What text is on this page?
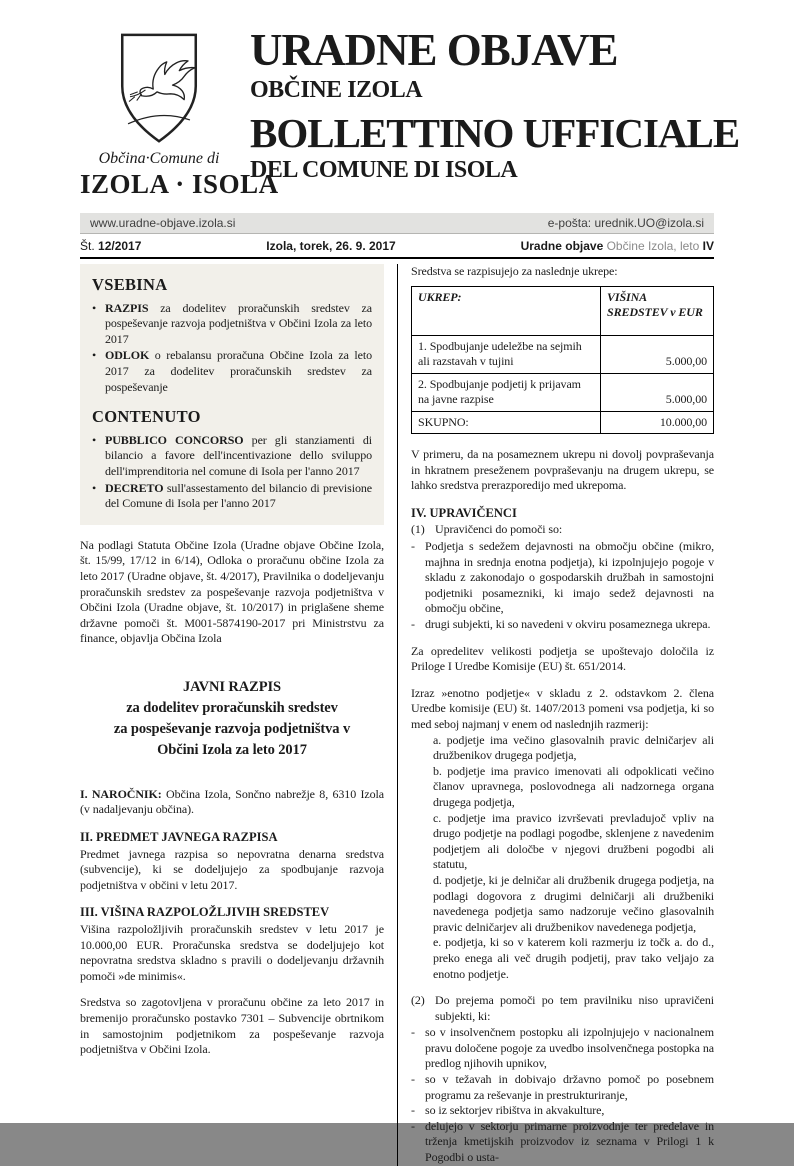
Občina·Comune di
IZOLA · ISOLA
URADNE OBJAVE
OBČINE IZOLA
BOLLETTINO UFFICIALE
DEL COMUNE DI ISOLA
www.uradne-objave.izola.si	e-pošta: urednik.UO@izola.si
Št. 12/2017	Izola, torek, 26. 9. 2017	Uradne objave Občine Izola, leto IV
VSEBINA
• RAZPIS za dodelitev proračunskih sredstev za pospeševanje razvoja podjetništva v Občini Izola za leto 2017
• ODLOK o rebalansu proračuna Občine Izola za leto 2017 za dodelitev proračunskih sredstev za pospeševanje
CONTENUTO
• PUBBLICO CONCORSO per gli stanziamenti di bilancio a favore dell'incentivazione dello sviluppo dell'imprenditoria nel comune di Isola per l'anno 2017
• DECRETO sull'assestamento del bilancio di previsione del Comune di Isola per l'anno 2017

Na podlagi Statuta Občine Izola (Uradne objave Občine Izola, št. 15/99, 17/12 in 6/14), Odloka o proračunu občine Izola za leto 2017 (Uradne objave, št. 4/2017), Pravilnika o dodeljevanju proračunskih sredstev za pospeševanje razvoja podjetništva v Občini Izola (Uradne objave, št. 10/2017) in priglašene sheme državne pomoči št. M001-5874190-2017 pri Ministrstvu za finance, objavlja Občina Izola

JAVNI RAZPIS
za dodelitev proračunskih sredstev
za pospeševanje razvoja podjetništva v
Občini Izola za leto 2017

I. NAROČNIK: Občina Izola, Sončno nabrežje 8, 6310 Izola (v nadaljevanju občina).

II. PREDMET JAVNEGA RAZPISA

Predmet javnega razpisa so nepovratna denarna sredstva (subvencije), ki se dodeljujejo za spodbujanje razvoja podjetništva v občini v letu 2017.

III. VIŠINA RAZPOLOŽLJIVIH SREDSTEV

Višina razpoložljivih proračunskih sredstev v letu 2017 je 10.000,00 EUR. Proračunska sredstva se dodeljujejo kot nepovratna sredstva skladno s pravili o dodeljevanju državnih pomoči »de minimis«.

Sredstva so zagotovljena v proračunu občine za leto 2017 in bremenijo proračunsko postavko 7301 – Subvencije obrtnikom in samostojnim podjetnikom za pospeševanje razvoja podjetništva v Občini Izola.

Sredstva se razpisujejo za naslednje ukrepe:

UKREP:	VIŠINA SREDSTEV v EUR
1. Spodbujanje udeležbe na sejmih ali razstavah v tujini	5.000,00
2. Spodbujanje podjetij k prijavam na javne razpise	5.000,00
SKUPNO:	10.000,00

V primeru, da na posameznem ukrepu ni dovolj povpraševanja in hkratnem preseženem povpraševanju na drugem ukrepu, se lahko sredstva prerazporedijo med ukrepoma.

IV. UPRAVIČENCI
(1) Upravičenci do pomoči so:
- Podjetja s sedežem dejavnosti na območju občine (mikro, majhna in srednja enotna podjetja), ki izpolnjujejo pogoje v skladu z zakonodajo o gospodarskih družbah in samostojni podjetniki posamezniki, ki imajo sedež dejavnosti na območju občine,
- drugi subjekti, ki so navedeni v okviru posameznega ukrepa.

Za opredelitev velikosti podjetja se upoštevajo določila iz Priloge I Uredbe Komisije (EU) št. 651/2014.

Izraz »enotno podjetje« v skladu z 2. odstavkom 2. člena Uredbe komisije (EU) št. 1407/2013 pomeni vsa podjetja, ki so med seboj najmanj v enem od naslednjih razmerij:

a. podjetje ima večino glasovalnih pravic delničarjev ali družbenikov drugega podjetja,
b. podjetje ima pravico imenovati ali odpoklicati večino članov upravnega, poslovodnega ali nadzornega organa drugega podjetja,
c. podjetje ima pravico izvrševati prevladujoč vpliv na drugo podjetje na podlagi pogodbe, sklenjene z navedenim podjetjem ali določbe v njegovi družbeni pogodbi ali statutu,
d. podjetje, ki je delničar ali družbenik drugega podjetja, na podlagi dogovora z drugimi delničarji ali družbeniki navedenega podjetja samo nadzoruje večino glasovalnih pravic delničarjev ali družbenikov navedenega podjetja,
e. podjetja, ki so v katerem koli razmerju iz točk a. do d., preko enega ali več drugih podjetij, prav tako veljajo za enotno podjetje.
(2) Do prejema pomoči po tem pravilniku niso upravičeni subjekti, ki:
- so v insolvenčnem postopku ali izpolnjujejo v nacionalnem pravu določene pogoje za uvedbo insolvenčnega postopka na predlog njihovih upnikov,
- so v težavah in dobivajo državno pomoč po posebnem programu za reševanje in prestrukturiranje,
- so iz sektorjev ribištva in akvakulture,
- delujejo v sektorju primarne proizvodnje ter predelave in trženja kmetijskih proizvodov iz seznama v Prilogi 1 k Pogodbi o usta-
